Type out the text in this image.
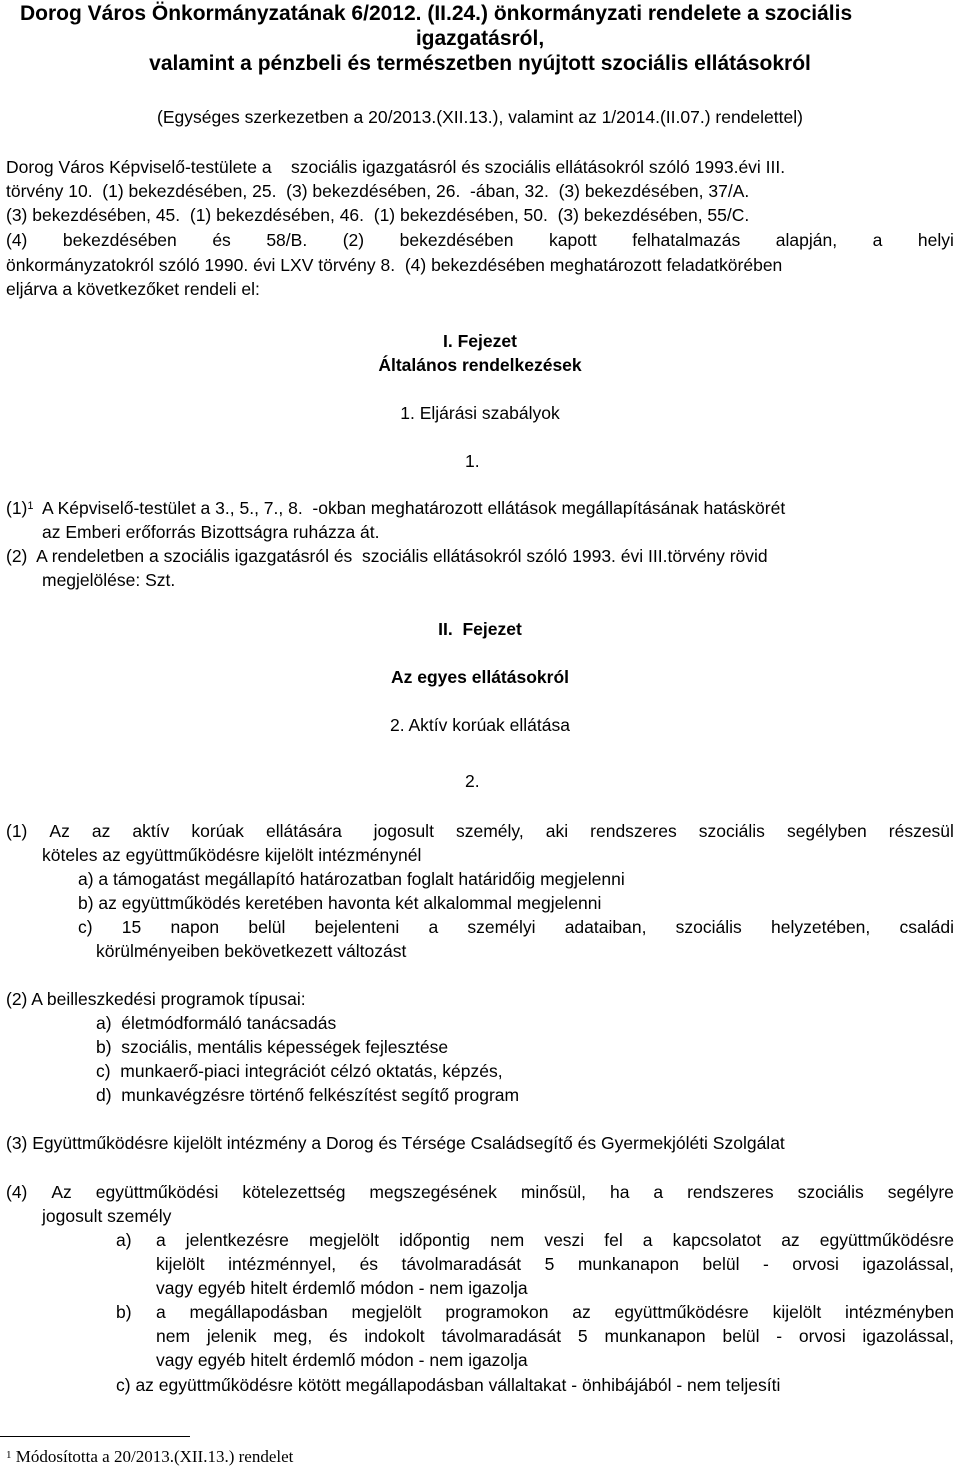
Dorog Város Önkormányzatának 6/2012. (II.24.) önkormányzati rendelete a szociális
igazgatásról,
valamint a pénzbeli és természetben nyújtott szociális ellátásokról
(Egységes szerkezetben a 20/2013.(XII.13.), valamint az 1/2014.(II.07.) rendelettel)
Dorog Város Képviselő-testülete a    szociális igazgatásról és szociális ellátásokról szóló 1993.évi III.
törvény 10.  (1) bekezdésében, 25.  (3) bekezdésében, 26.  -ában, 32.  (3) bekezdésében, 37/A.
(3) bekezdésében, 45.  (1) bekezdésében, 46.  (1) bekezdésében, 50.  (3) bekezdésében, 55/C.
(4) bekezdésében és 58/B. (2) bekezdésében kapott felhatalmazás alapján, a helyi
önkormányzatokról szóló 1990. évi LXV törvény 8.  (4) bekezdésében meghatározott feladatkörében
eljárva a következőket rendeli el:
I. Fejezet
Általános rendelkezések
1. Eljárási szabályok
1.
$(1)^1$ A Képviselő-testület a 3., 5., 7., 8.  -okban meghatározott ellátások megállapításának hatáskörét
az Emberi erőforrás Bizottságra ruházza át.
(2)  A rendeletben a szociális igazgatásról és  szociális ellátásokról szóló 1993. évi III.törvény rövid
megjelölése: Szt.
II.  Fejezet
Az egyes ellátásokról
2. Aktív korúak ellátása
2.
(1) Az az aktív korúak ellátására jogosult személy, aki rendszeres szociális segélyben részesül
köteles az együttműködésre kijelölt intézménynél
a) a támogatást megállapító határozatban foglalt határidőig megjelenni
b) az együttműködés keretében havonta két alkalommal megjelenni
c) 15 napon belül bejelenteni a személyi adataiban, szociális helyzetében, családi
körülményeiben bekövetkezett változást
(2) A beilleszkedési programok típusai:
a)  életmódformáló tanácsadás
b)  szociális, mentális képességek fejlesztése
c)  munkaerő-piaci integrációt célzó oktatás, képzés,
d)  munkavégzésre történő felkészítést segítő program
(3) Együttműködésre kijelölt intézmény a Dorog és Térsége Családsegítő és Gyermekjóléti Szolgálat
(4) Az együttműködési kötelezettség megszegésének minősül, ha a rendszeres szociális segélyre
jogosult személy
a) a jelentkezésre megjelölt időpontig nem veszi fel a kapcsolatot az együttműködésre
kijelölt intézménnyel, és távolmaradását 5 munkanapon belül - orvosi igazolással,
vagy egyéb hitelt érdemlő módon - nem igazolja
b) a megállapodásban megjelölt programokon az együttműködésre kijelölt intézményben
nem jelenik meg, és indokolt távolmaradását 5 munkanapon belül - orvosi igazolással,
vagy egyéb hitelt érdemlő módon - nem igazolja
c) az együttműködésre kötött megállapodásban vállaltakat - önhibájából - nem teljesíti
$^1$ Módosította a 20/2013.(XII.13.) rendelet
